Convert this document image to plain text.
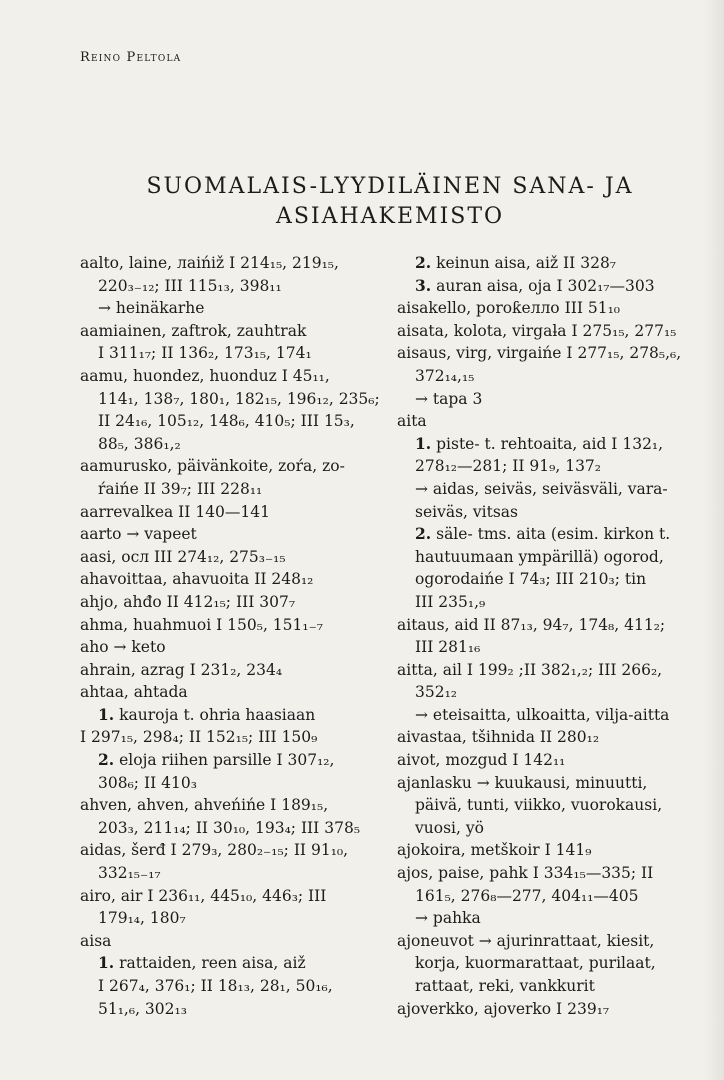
Reino Peltola
SUOMALAIS-LYYDILÄINEN SANA- JA
ASIAHAKEMISTO
aalto, laine, лaińiž I 214₁₅, 219₁₅,
220₃₋₁₂; III 115₁₃, 398₁₁
→ heinäkarhe
aamiainen, zaftrok, zauhtrak
I 311₁₇; II 136₂, 173₁₅, 174₁
aamu, huondez, huonduz I 45₁₁,
114₁, 138₇, 180₁, 182₁₅, 196₁₂, 235₆;
II 24₁₆, 105₁₂, 148₆, 410₅; III 15₃,
88₅, 386₁,₂
aamurusko, päivänkoite, zoŕa, zo-
ŕaińe II 39₇; III 228₁₁
aarrevalkea II 140—141
aarto → vapeet
aasi, осл III 274₁₂, 275₃₋₁₅
ahavoittaa, ahavuoita II 248₁₂
ahjo, ahđo II 412₁₅; III 307₇
ahma, huahmuoi I 150₅, 151₁₋₇
aho → keto
ahrain, azrag I 231₂, 234₄
ahtaa, ahtada
1. kauroja t. ohria haasiaan
I 297₁₅, 298₄; II 152₁₅; III 150₉
2. eloja riihen parsille I 307₁₂,
308₆; II 410₃
ahven, ahven, ahveńińe I 189₁₅,
203₃, 211₁₄; II 30₁₀, 193₄; III 378₅
aidas, šerđ I 279₃, 280₂₋₁₅; II 91₁₀,
332₁₅₋₁₇
airo, air I 236₁₁, 445₁₀, 446₃; III
179₁₄, 180₇
aisa
1. rattaiden, reen aisa, aiž
I 267₄, 376₁; II 18₁₃, 28₁, 50₁₆,
51₁,₆, 302₁₃
2. keinun aisa, aiž II 328₇
3. auran aisa, oja I 302₁₇—303
aisakello, poroƙeлло III 51₁₀
aisata, kolota, virgaƚa I 275₁₅, 277₁₅
aisaus, virg, virgaińe I 277₁₅, 278₅,₆,
372₁₄,₁₅
→ tapa 3
aita
1. piste- t. rehtoaita, aid I 132₁,
278₁₂—281; II 91₉, 137₂
→ aidas, seiväs, seiväsväli, vara-
seiväs, vitsas
2. säle- tms. aita (esim. kirkon t.
hautuumaan ympärillä) ogorod,
ogorodaińe I 74₃; III 210₃; tin
III 235₁,₉
aitaus, aid II 87₁₃, 94₇, 174₈, 411₂;
III 281₁₆
aitta, ail I 199₂ ;II 382₁,₂; III 266₂,
352₁₂
→ eteisaitta, ulkoaitta, vilja-aitta
aivastaa, tšihnida II 280₁₂
aivot, mozgud I 142₁₁
ajanlasku → kuukausi, minuutti,
päivä, tunti, viikko, vuorokausi,
vuosi, yö
ajokoira, metškoir I 141₉
ajos, paise, pahk I 334₁₅—335; II
161₅, 276₈—277, 404₁₁—405
→ pahka
ajoneuvot → ajurinrattaat, kiesit,
korja, kuormarattaat, purilaat,
rattaat, reki, vankkurit
ajoverkko, ajoverko I 239₁₇
